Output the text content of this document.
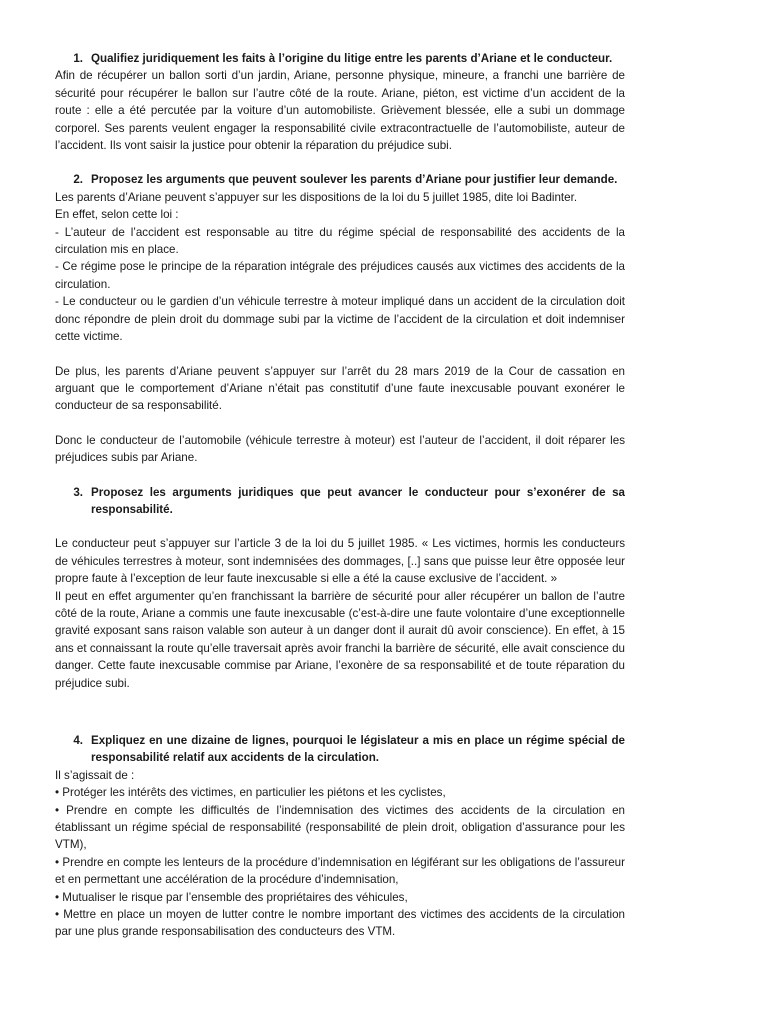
1. Qualifiez juridiquement les faits à l’origine du litige entre les parents d’Ariane et le conducteur.

Afin de récupérer un ballon sorti d’un jardin, Ariane, personne physique, mineure, a franchi une barrière de sécurité pour récupérer le ballon sur l’autre côté de la route. Ariane, piéton, est victime d’un accident de la route : elle a été percutée par la voiture d’un automobiliste. Grièvement blessée, elle a subi un dommage corporel. Ses parents veulent engager la responsabilité civile extracontractuelle de l’automobiliste, auteur de l’accident. Ils vont saisir la justice pour obtenir la réparation du préjudice subi.

2. Proposez les arguments que peuvent soulever les parents d’Ariane pour justifier leur demande.

Les parents d’Ariane peuvent s’appuyer sur les dispositions de la loi du 5 juillet 1985, dite loi Badinter.

En effet, selon cette loi :

- L’auteur de l’accident est responsable au titre du régime spécial de responsabilité des accidents de la circulation mis en place.

- Ce régime pose le principe de la réparation intégrale des préjudices causés aux victimes des accidents de la circulation.

- Le conducteur ou le gardien d’un véhicule terrestre à moteur impliqué dans un accident de la circulation doit donc répondre de plein droit du dommage subi par la victime de l’accident de la circulation et doit indemniser cette victime.

De plus, les parents d’Ariane peuvent s’appuyer sur l’arrêt du 28 mars 2019 de la Cour de cassation en arguant que le comportement d’Ariane n’était pas constitutif d’une faute inexcusable pouvant exonérer le conducteur de sa responsabilité.

Donc le conducteur de l’automobile (véhicule terrestre à moteur) est l’auteur de l’accident, il doit réparer les préjudices subis par Ariane.

3. Proposez les arguments juridiques que peut avancer le conducteur pour s’exonérer de sa responsabilité.

Le conducteur peut s’appuyer sur l’article 3 de la loi du 5 juillet 1985. « Les victimes, hormis les conducteurs de véhicules terrestres à moteur, sont indemnisées des dommages, [..] sans que puisse leur être opposée leur propre faute à l’exception de leur faute inexcusable si elle a été la cause exclusive de l’accident. »

Il peut en effet argumenter qu’en franchissant la barrière de sécurité pour aller récupérer un ballon de l’autre côté de la route, Ariane a commis une faute inexcusable (c’est-à-dire une faute volontaire d’une exceptionnelle gravité exposant sans raison valable son auteur à un danger dont il aurait dû avoir conscience). En effet, à 15 ans et connaissant la route qu’elle traversait après avoir franchi la barrière de sécurité, elle avait conscience du danger. Cette faute inexcusable commise par Ariane, l’exonère de sa responsabilité et de toute réparation du préjudice subi.

4. Expliquez en une dizaine de lignes, pourquoi le législateur a mis en place un régime spécial de responsabilité relatif aux accidents de la circulation.

Il s’agissait de :

• Protéger les intérêts des victimes, en particulier les piétons et les cyclistes,

• Prendre en compte les difficultés de l’indemnisation des victimes des accidents de la circulation en établissant un régime spécial de responsabilité (responsabilité de plein droit, obligation d’assurance pour les VTM),

• Prendre en compte les lenteurs de la procédure d’indemnisation en légiférant sur les obligations de l’assureur et en permettant une accélération de la procédure d’indemnisation,

• Mutualiser le risque par l’ensemble des propriétaires des véhicules,

• Mettre en place un moyen de lutter contre le nombre important des victimes des accidents de la circulation par une plus grande responsabilisation des conducteurs des VTM.
